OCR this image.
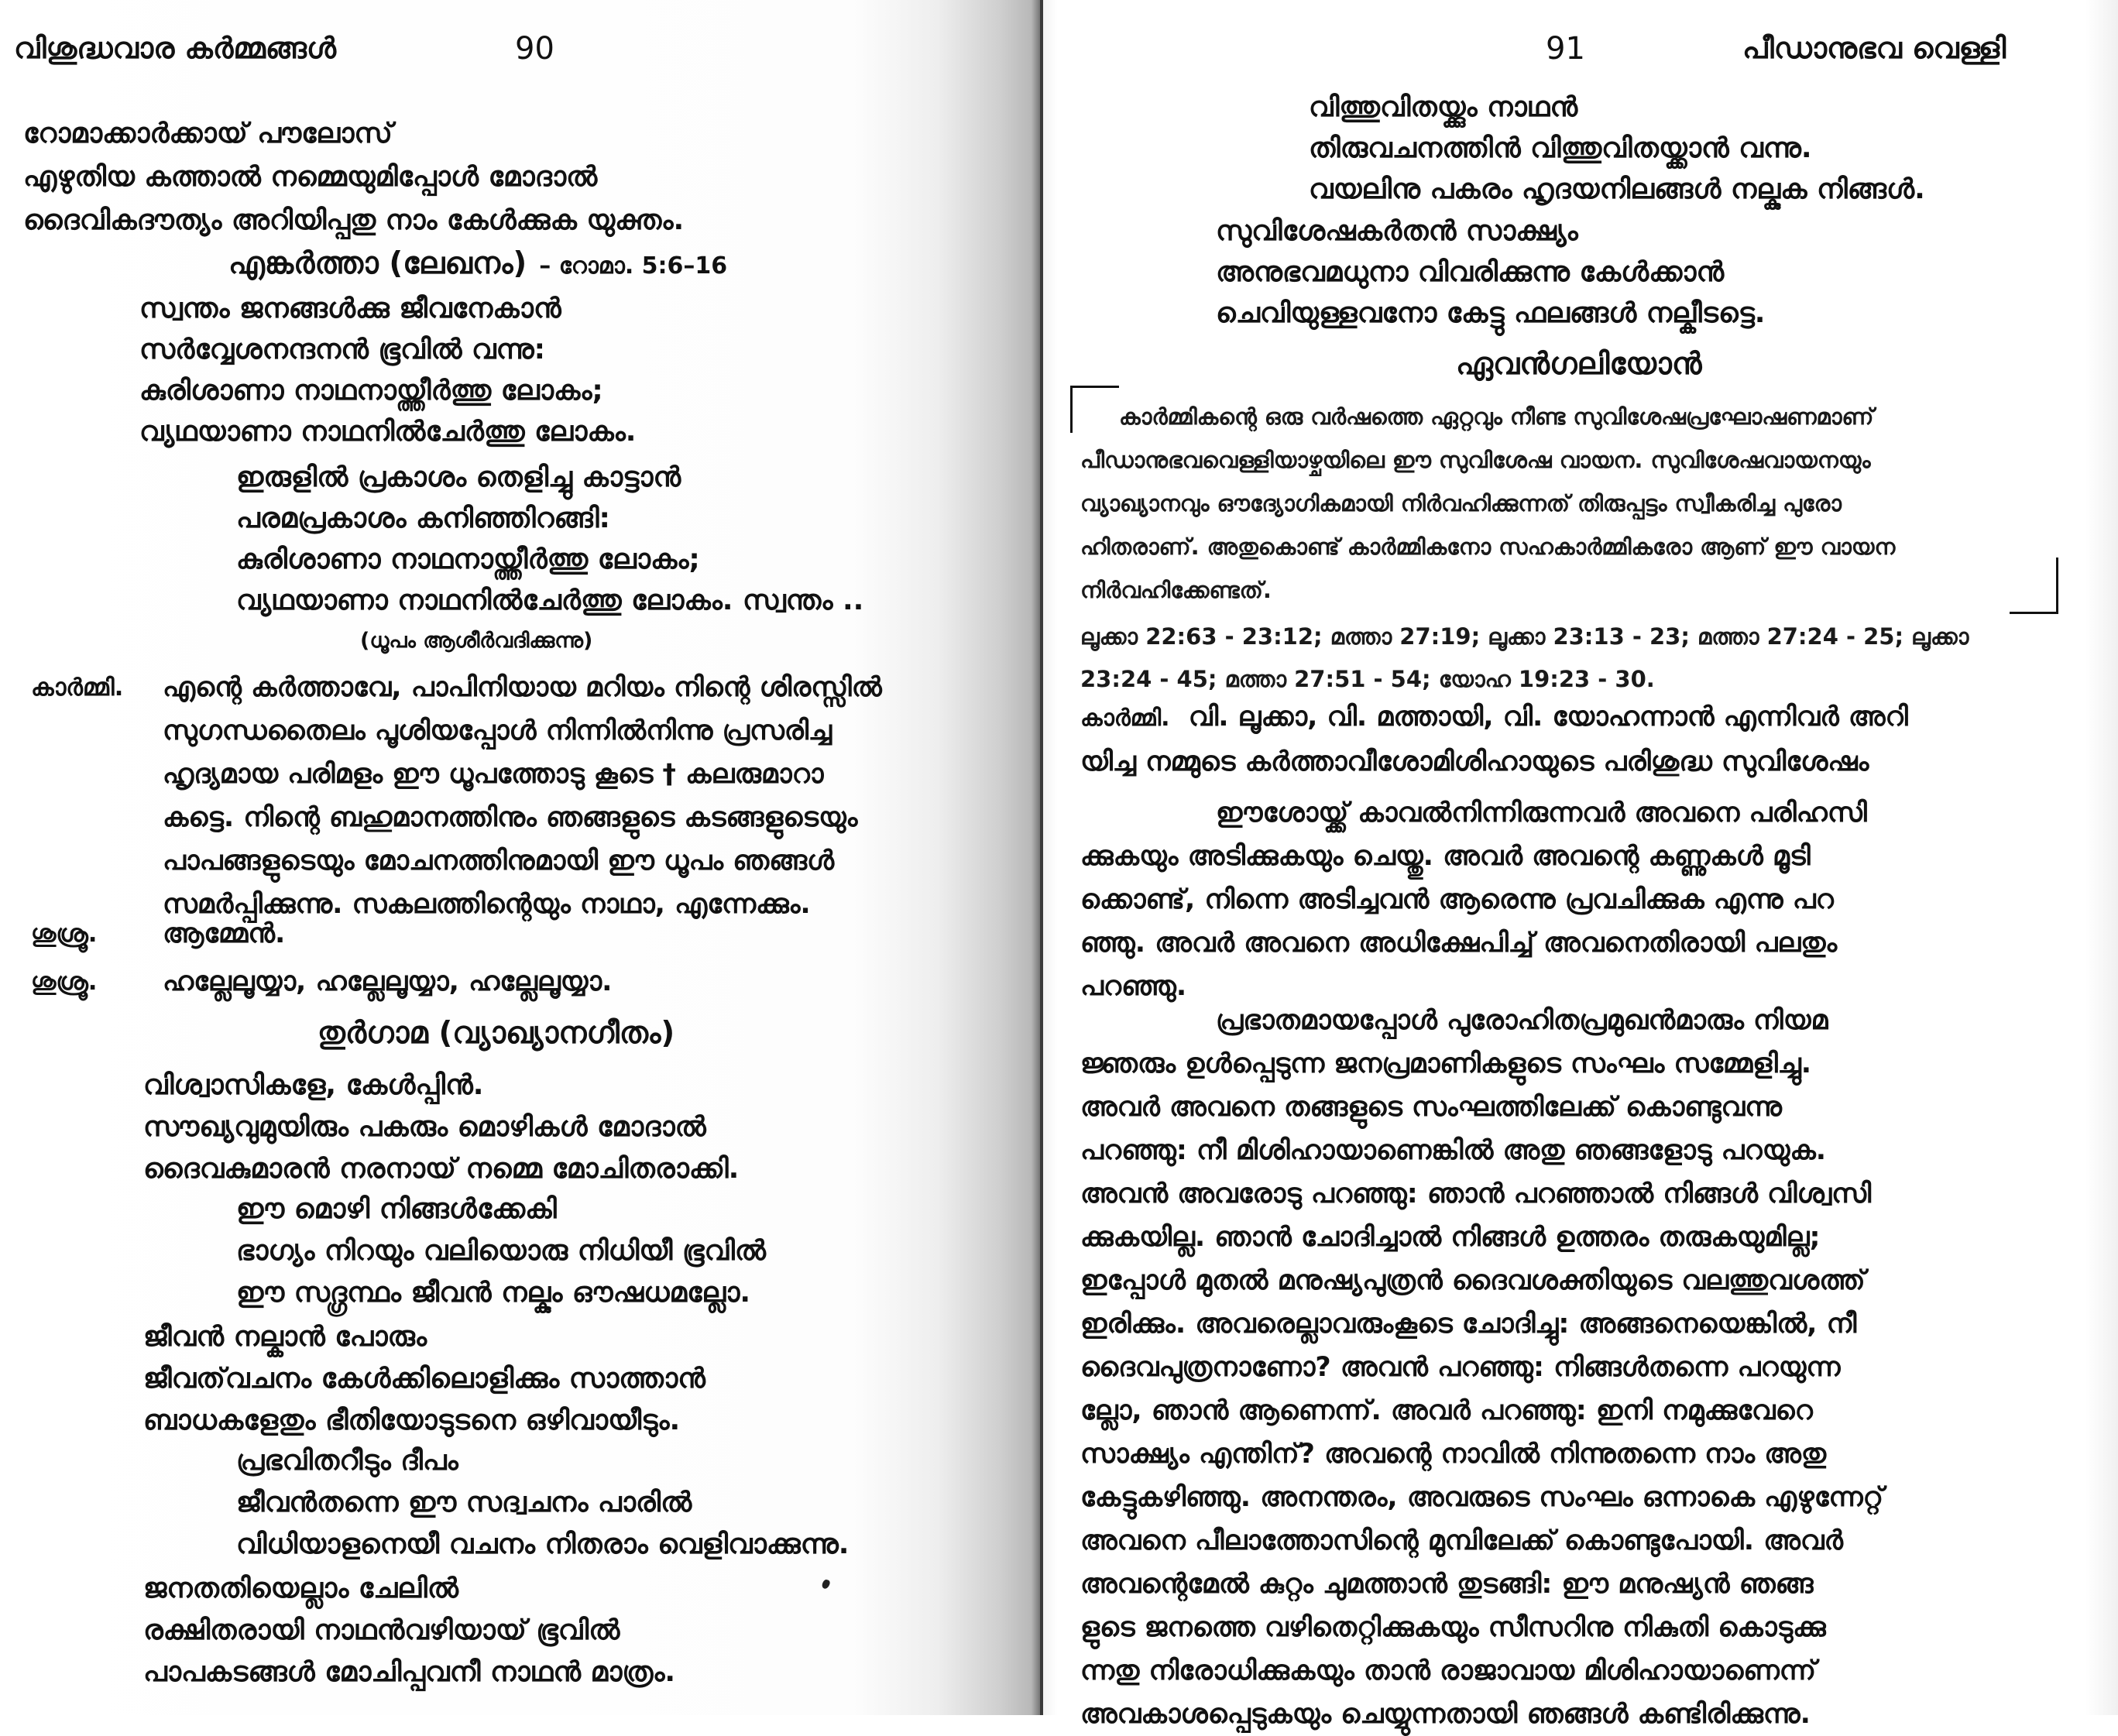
വിശുദ്ധവാര കർമ്മങ്ങൾ	90
റോമാക്കാർക്കായ് പൗലോസ്
എഴുതിയ കത്താൽ നമ്മെയുമിപ്പോൾ മോദാൽ
ദൈവികദൗത്യം അറിയിപ്പതു നാം കേൾക്കുക യുക്തം.
എങ്കർത്താ (ലേഖനം) – റോമാ. 5:6–16
സ്വന്തം ജനങ്ങൾക്കു ജീവനേകാൻ
സർവ്വേശനന്ദനൻ ഭൂവിൽ വന്നു:
കുരിശാണാ നാഥനായ്ത്തീർത്തു ലോകം;
വ്യഥയാണാ നാഥനിൽചേർത്തു ലോകം.
ഇരുളിൽ പ്രകാശം തെളിച്ചു കാട്ടാൻ
പരമപ്രകാശം കനിഞ്ഞിറങ്ങി:
കുരിശാണാ നാഥനായ്ത്തീർത്തു ലോകം;
വ്യഥയാണാ നാഥനിൽചേർത്തു ലോകം. സ്വന്തം ..
(ധൂപം ആശീർവദിക്കുന്നു)
കാർമ്മി. എന്റെ കർത്താവേ, പാപിനിയായ മറിയം നിന്റെ ശിരസ്സിൽ
സുഗന്ധതൈലം പൂശിയപ്പോൾ നിന്നിൽനിന്നു പ്രസരിച്ച
ഹൃദ്യമായ പരിമളം ഈ ധൂപത്തോടു കൂടെ † കലരുമാറാ
കട്ടെ. നിന്റെ ബഹുമാനത്തിനും ഞങ്ങളുടെ കടങ്ങളുടെയും
പാപങ്ങളുടെയും മോചനത്തിനുമായി ഈ ധൂപം ഞങ്ങൾ
സമർപ്പിക്കുന്നു. സകലത്തിന്റെയും നാഥാ, എന്നേക്കും.
ശുശ്രൂ. ആമ്മേൻ.
ശുശ്രൂ. ഹല്ലേലൂയ്യാ, ഹല്ലേലൂയ്യാ, ഹല്ലേലൂയ്യാ.
തുർഗാമ (വ്യാഖ്യാനഗീതം)
വിശ്വാസികളേ, കേൾപ്പിൻ.
സൗഖ്യവുമുയിരും പകരും മൊഴികൾ മോദാൽ
ദൈവകുമാരൻ നരനായ് നമ്മെ മോചിതരാക്കി.
ഈ മൊഴി നിങ്ങൾക്കേകി
ഭാഗ്യം നിറയും വലിയൊരു നിധിയീ ഭൂവിൽ
ഈ സദ്ഗ്രന്ഥം ജീവൻ നല്കും ഔഷധമല്ലോ.
ജീവൻ നല്കാൻ പോരും
ജീവത്‌വചനം കേൾക്കിലൊളിക്കും സാത്താൻ
ബാധകളേതും ഭീതിയോടുടനെ ഒഴിവായീടും.
പ്രഭവിതറീടും ദീപം
ജീവൻതന്നെ ഈ സദ്വചനം പാരിൽ
വിധിയാളനെയീ വചനം നിതരാം വെളിവാക്കുന്നു.
ജനതതിയെല്ലാം ചേലിൽ
രക്ഷിതരായി നാഥൻവഴിയായ് ഭൂവിൽ
പാപകടങ്ങൾ മോചിപ്പവനീ നാഥൻ മാത്രം.
91	പീഡാനുഭവ വെള്ളി
വിത്തുവിതയ്ക്കും നാഥൻ
തിരുവചനത്തിൻ വിത്തുവിതയ്ക്കാൻ വന്നു.
വയലിനു പകരം ഹൃദയനിലങ്ങൾ നല്കുക നിങ്ങൾ.
സുവിശേഷകർതൻ സാക്ഷ്യം
അനുഭവമധുനാ വിവരിക്കുന്നു കേൾക്കാൻ
ചെവിയുള്ളവനോ കേട്ടു ഫലങ്ങൾ നല്കീടട്ടെ.
ഏവൻഗലിയോൻ
കാർമ്മികന്റെ ഒരു വർഷത്തെ ഏറ്റവും നീണ്ട സുവിശേഷപ്രഘോഷണമാണ്
പീഡാനുഭവവെള്ളിയാഴ്ചയിലെ ഈ സുവിശേഷ വായന. സുവിശേഷവായനയും
വ്യാഖ്യാനവും ഔദ്യോഗികമായി നിർവഹിക്കുന്നത് തിരുപ്പട്ടം സ്വീകരിച്ച പുരോ
ഹിതരാണ്. അതുകൊണ്ട് കാർമ്മികനോ സഹകാർമ്മികരോ ആണ് ഈ വായന
നിർവഹിക്കേണ്ടത്.
ലൂക്കാ 22:63 - 23:12; മത്താ 27:19; ലൂക്കാ 23:13 - 23; മത്താ 27:24 - 25; ലൂക്കാ
23:24 - 45; മത്താ 27:51 - 54; യോഹ 19:23 - 30.
കാർമ്മി. വി. ലൂക്കാ, വി. മത്തായി, വി. യോഹന്നാൻ എന്നിവർ അറി
യിച്ച നമ്മുടെ കർത്താവീശോമിശിഹായുടെ പരിശുദ്ധ സുവിശേഷം
ഈശോയ്ക്ക് കാവൽനിന്നിരുന്നവർ അവനെ പരിഹസി
ക്കുകയും അടിക്കുകയും ചെയ്തു. അവർ അവന്റെ കണ്ണുകൾ മൂടി
ക്കൊണ്ട്, നിന്നെ അടിച്ചവൻ ആരെന്നു പ്രവചിക്കുക എന്നു പറ
ഞ്ഞു. അവർ അവനെ അധിക്ഷേപിച്ച് അവനെതിരായി പലതും
പറഞ്ഞു.
പ്രഭാതമായപ്പോൾ പുരോഹിതപ്രമുഖൻമാരും നിയമ
ജ്ഞരും ഉൾപ്പെടുന്ന ജനപ്രമാണികളുടെ സംഘം സമ്മേളിച്ചു.
അവർ അവനെ തങ്ങളുടെ സംഘത്തിലേക്ക് കൊണ്ടുവന്നു
പറഞ്ഞു: നീ മിശിഹായാണെങ്കിൽ അതു ഞങ്ങളോടു പറയുക.
അവൻ അവരോടു പറഞ്ഞു: ഞാൻ പറഞ്ഞാൽ നിങ്ങൾ വിശ്വസി
ക്കുകയില്ല. ഞാൻ ചോദിച്ചാൽ നിങ്ങൾ ഉത്തരം തരുകയുമില്ല;
ഇപ്പോൾ മുതൽ മനുഷ്യപുത്രൻ ദൈവശക്തിയുടെ വലത്തുവശത്ത്
ഇരിക്കും. അവരെല്ലാവരുംകൂടെ ചോദിച്ചു: അങ്ങനെയെങ്കിൽ, നീ
ദൈവപുത്രനാണോ? അവൻ പറഞ്ഞു: നിങ്ങൾതന്നെ പറയുന്ന
ല്ലോ, ഞാൻ ആണെന്ന്. അവർ പറഞ്ഞു: ഇനി നമുക്കുവേറെ
സാക്ഷ്യം എന്തിന്? അവന്റെ നാവിൽ നിന്നുതന്നെ നാം അതു
കേട്ടുകഴിഞ്ഞു. അനന്തരം, അവരുടെ സംഘം ഒന്നാകെ എഴുന്നേറ്റ്
അവനെ പീലാത്തോസിന്റെ മുമ്പിലേക്ക് കൊണ്ടുപോയി. അവർ
അവന്റെമേൽ കുറ്റം ചുമത്താൻ തുടങ്ങി: ഈ മനുഷ്യൻ ഞങ്ങ
ളുടെ ജനത്തെ വഴിതെറ്റിക്കുകയും സീസറിനു നികുതി കൊടുക്കു
ന്നതു നിരോധിക്കുകയും താൻ രാജാവായ മിശിഹായാണെന്ന്
അവകാശപ്പെടുകയും ചെയ്യുന്നതായി ഞങ്ങൾ കണ്ടിരിക്കുന്നു.
